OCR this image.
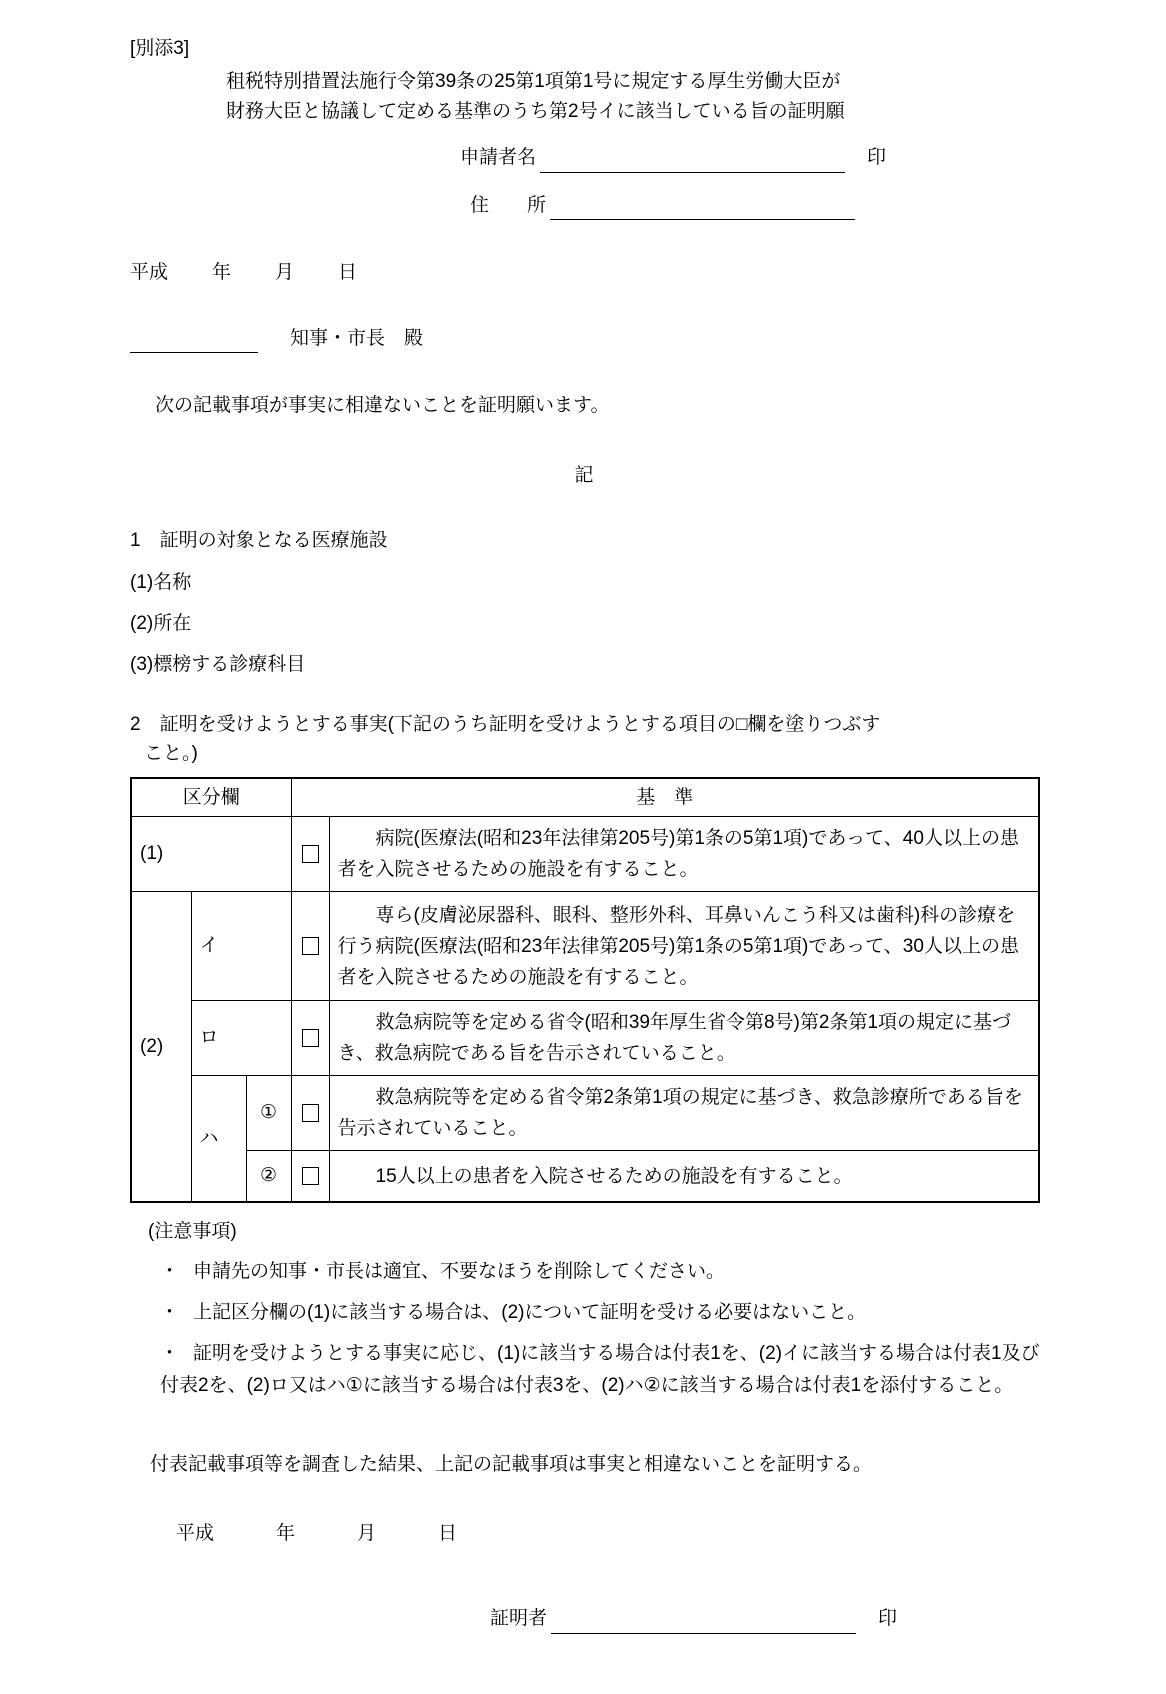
[別添3]
租税特別措置法施行令第39条の25第1項第1号に規定する厚生労働大臣が
財務大臣と協議して定める基準のうち第2号イに該当している旨の証明願
申請者名	印
住　　所
平成 年 月 日
知事・市長　殿
次の記載事項が事実に相違ないことを証明願います。
記
1　証明の対象となる医療施設
(1)名称
(2)所在
(3)標榜する診療科目
2　証明を受けようとする事実(下記のうち証明を受けようとする項目の□欄を塗りつぶす
こと。)
区分欄			基　準	
(1)				病院(医療法(昭和23年法律第205号)第1条の5第1項)であって、40人以上の患者を入院させるための施設を有すること。

(2)	イ			専ら(皮膚泌尿器科、眼科、整形外科、耳鼻いんこう科又は歯科)科の診療を行う病院(医療法(昭和23年法律第205号)第1条の5第1項)であって、30人以上の患者を入院させるための施設を有すること。

	ロ			救急病院等を定める省令(昭和39年厚生省令第8号)第2条第1項の規定に基づき、救急病院である旨を告示されていること。

	ハ	①		救急病院等を定める省令第2条第1項の規定に基づき、救急診療所である旨を告示されていること。

		②		15人以上の患者を入院させるための施設を有すること。
(注意事項)
・ 申請先の知事・市長は適宜、不要なほうを削除してください。
・ 上記区分欄の(1)に該当する場合は、(2)について証明を受ける必要はないこと。
・ 証明を受けようとする事実に応じ、(1)に該当する場合は付表1を、(2)イに該当する場合は付表1及び付表2を、(2)ロ又はハ①に該当する場合は付表3を、(2)ハ②に該当する場合は付表1を添付すること。
付表記載事項等を調査した結果、上記の記載事項は事実と相違ないことを証明する。
平成	年	月	日
証明者	印
